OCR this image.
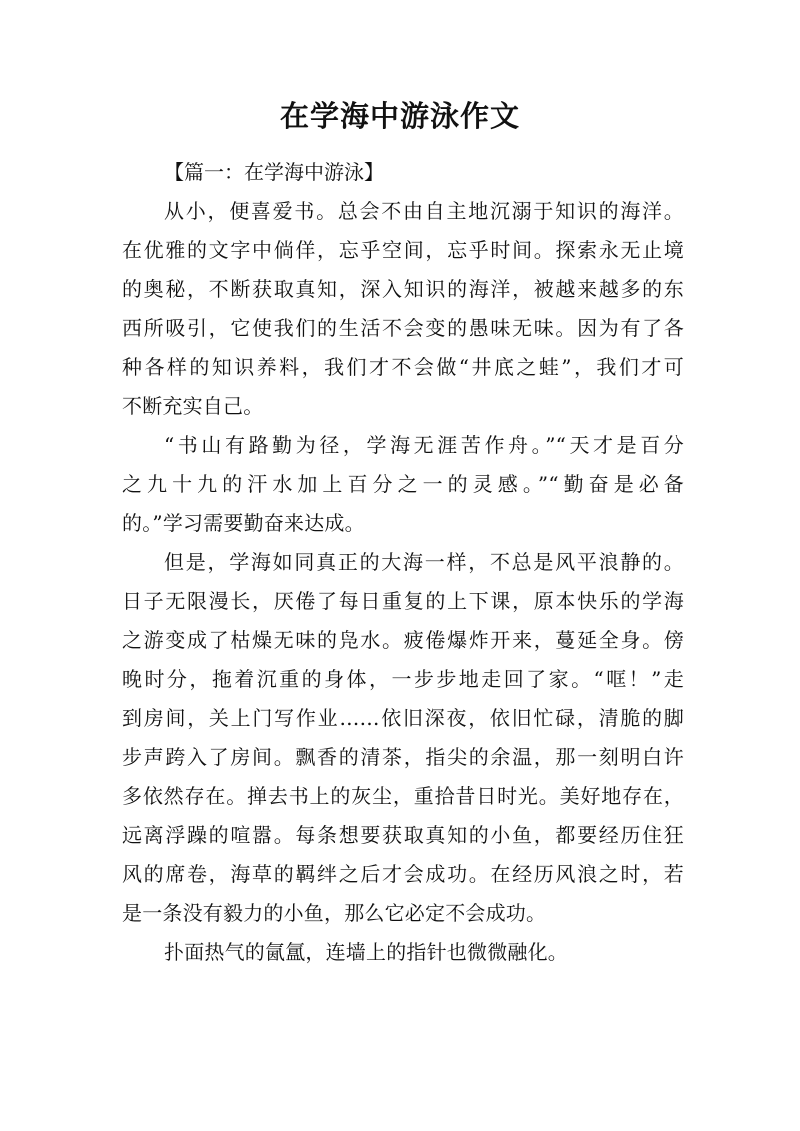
在学海中游泳作文
【篇一：在学海中游泳】
从小，便喜爱书。总会不由自主地沉溺于知识的海洋。
在优雅的文字中倘佯，忘乎空间，忘乎时间。探索永无止境
的奥秘，不断获取真知，深入知识的海洋，被越来越多的东
西所吸引，它使我们的生活不会变的愚味无味。因为有了各
种各样的知识养料，我们才不会做“井底之蛙”，我们才可
不断充实自己。
“书山有路勤为径，学海无涯苦作舟。”“天才是百分
之九十九的汗水加上百分之一的灵感。”“勤奋是必备
的。”学习需要勤奋来达成。
但是，学海如同真正的大海一样，不总是风平浪静的。
日子无限漫长，厌倦了每日重复的上下课，原本快乐的学海
之游变成了枯燥无味的凫水。疲倦爆炸开来，蔓延全身。傍
晚时分，拖着沉重的身体，一步步地走回了家。“哐！”走
到房间，关上门写作业……依旧深夜，依旧忙碌，清脆的脚
步声跨入了房间。飘香的清茶，指尖的余温，那一刻明白许
多依然存在。掸去书上的灰尘，重拾昔日时光。美好地存在，
远离浮躁的喧嚣。每条想要获取真知的小鱼，都要经历住狂
风的席卷，海草的羁绊之后才会成功。在经历风浪之时，若
是一条没有毅力的小鱼，那么它必定不会成功。
扑面热气的氤氲，连墙上的指针也微微融化。
